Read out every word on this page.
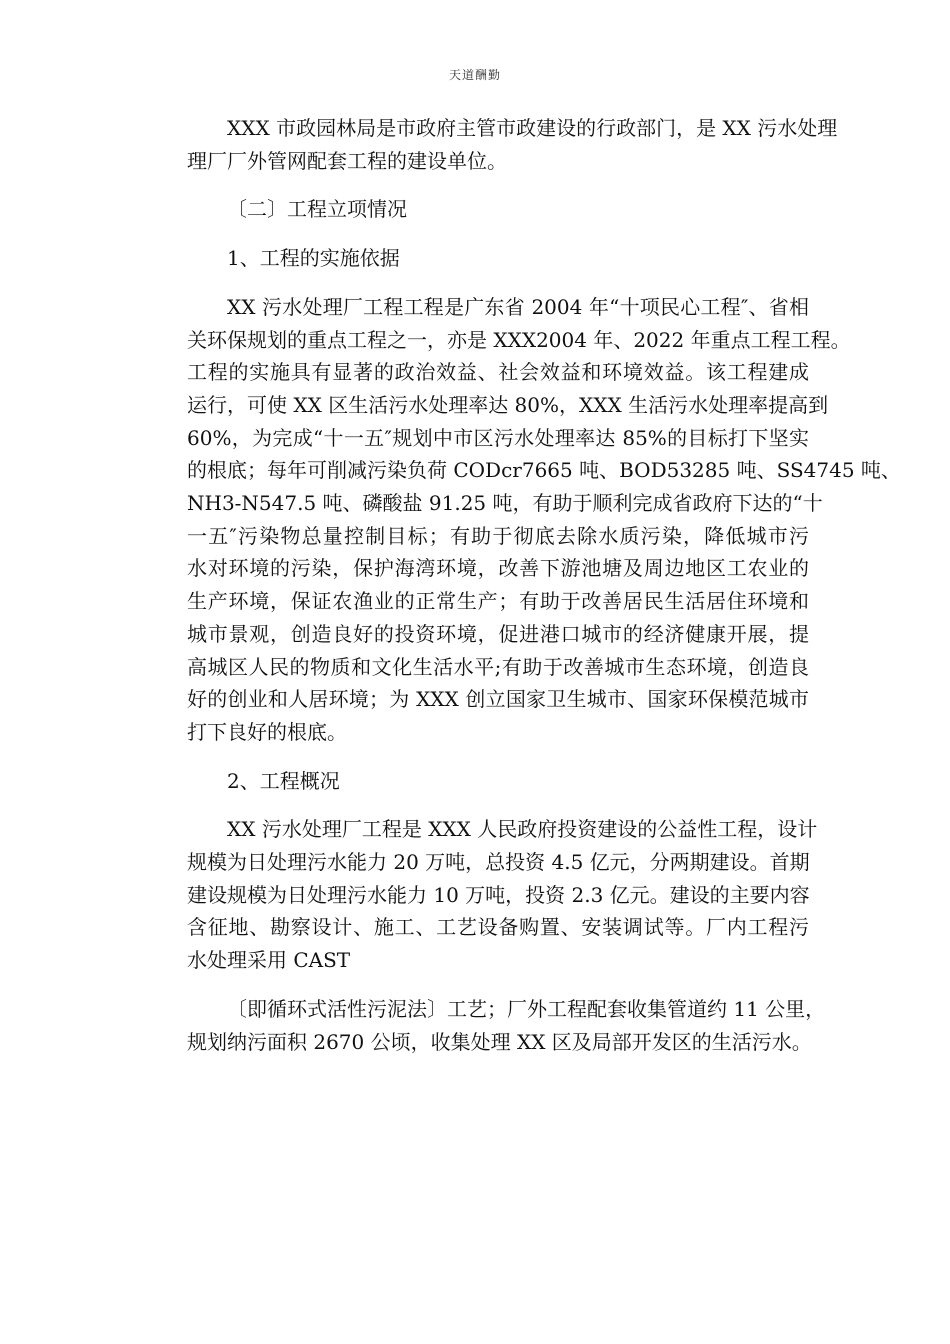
天道酬勤
XXX 市政园林局是市政府主管市政建设的行政部门，是 XX 污水处理
理厂厂外管网配套工程的建设单位。
〔二〕工程立项情况
1、工程的实施依据
XX 污水处理厂工程工程是广东省 2004 年“十项民心工程″、省相
关环保规划的重点工程之一，亦是 XXX2004 年、2022 年重点工程工程。
工程的实施具有显著的政治效益、社会效益和环境效益。该工程建成
运行，可使 XX 区生活污水处理率达 80%，XXX 生活污水处理率提高到
60%，为完成“十一五″规划中市区污水处理率达 85%的目标打下坚实
的根底；每年可削减污染负荷 CODcr7665 吨、BOD53285 吨、SS4745 吨、
NH3-N547.5 吨、磷酸盐 91.25 吨，有助于顺利完成省政府下达的“十
一五″污染物总量控制目标；有助于彻底去除水质污染，降低城市污
水对环境的污染，保护海湾环境，改善下游池塘及周边地区工农业的
生产环境，保证农渔业的正常生产；有助于改善居民生活居住环境和
城市景观，创造良好的投资环境，促进港口城市的经济健康开展，提
高城区人民的物质和文化生活水平;有助于改善城市生态环境，创造良
好的创业和人居环境；为 XXX 创立国家卫生城市、国家环保模范城市
打下良好的根底。
2、工程概况
XX 污水处理厂工程是 XXX 人民政府投资建设的公益性工程，设计
规模为日处理污水能力 20 万吨，总投资 4.5 亿元，分两期建设。首期
建设规模为日处理污水能力 10 万吨，投资 2.3 亿元。建设的主要内容
含征地、勘察设计、施工、工艺设备购置、安装调试等。厂内工程污
水处理采用 CAST
〔即循环式活性污泥法〕工艺；厂外工程配套收集管道约 11 公里，
规划纳污面积 2670 公顷，收集处理 XX 区及局部开发区的生活污水。
